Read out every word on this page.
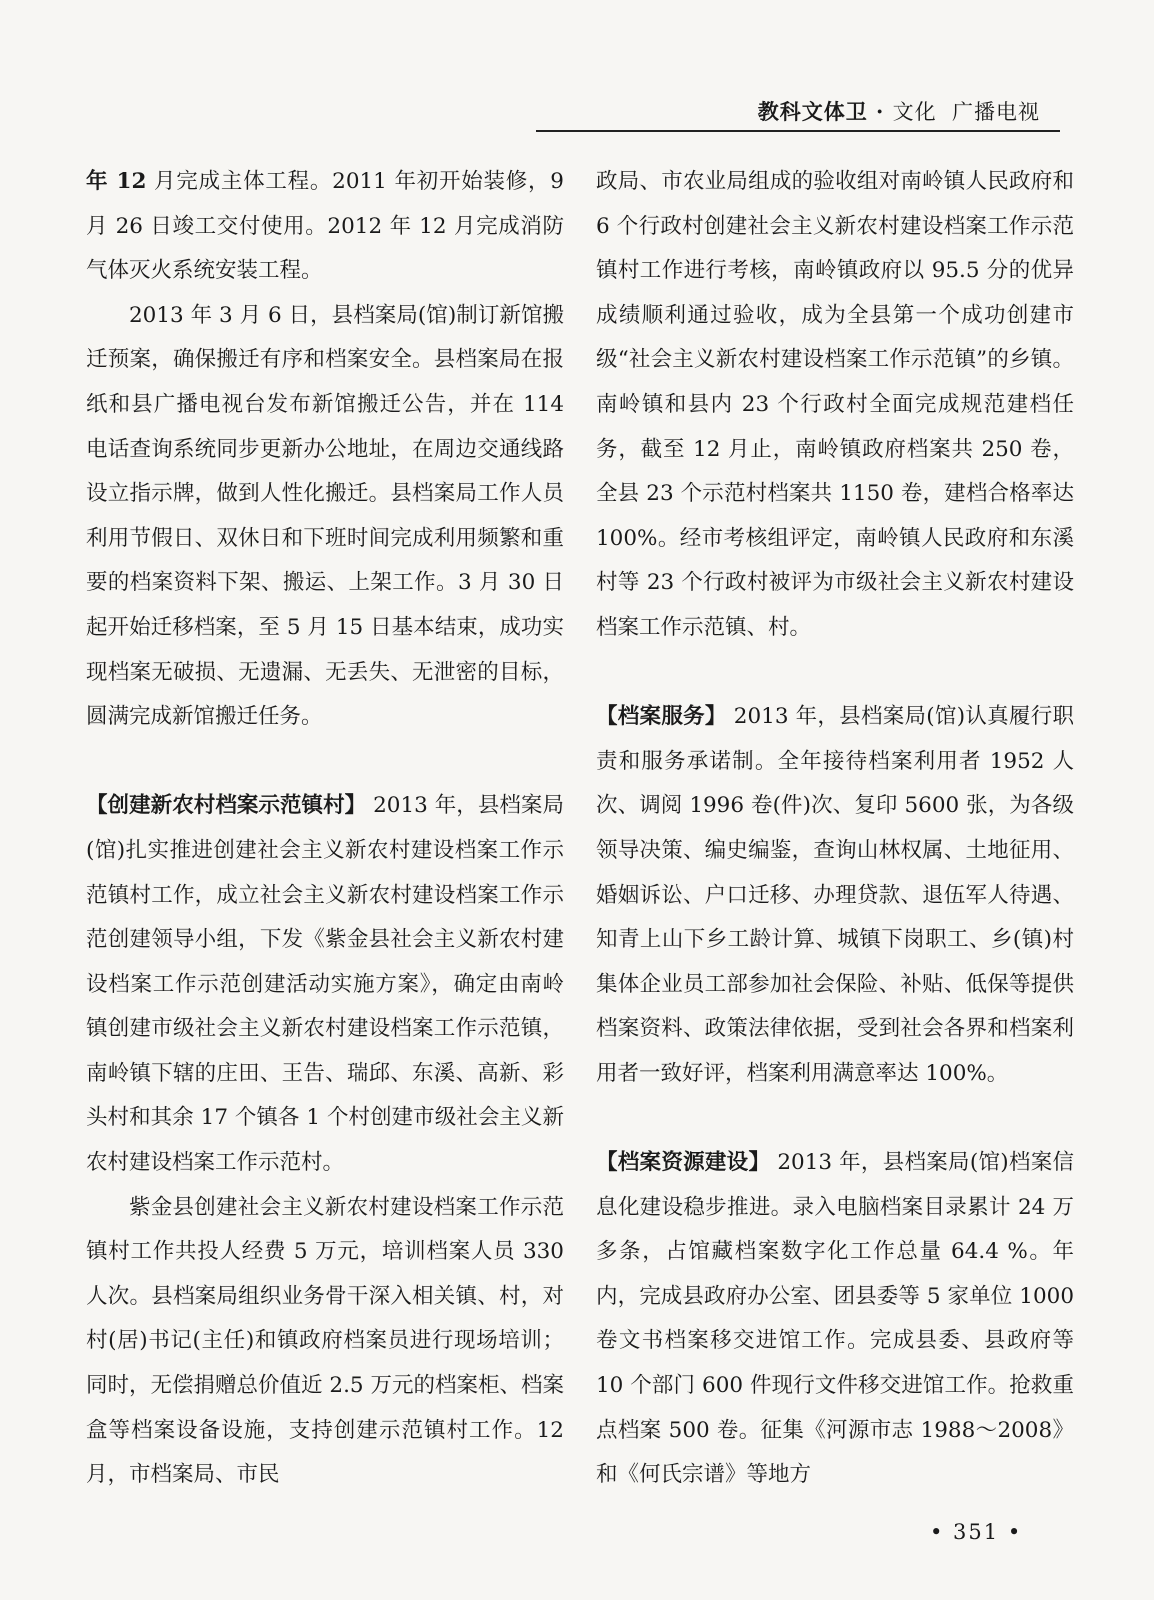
教科文体卫 · 文化 广播电视

年 12 月完成主体工程。2011 年初开始装修，9 月 26 日竣工交付使用。2012 年 12 月完成消防气体灭火系统安装工程。

2013 年 3 月 6 日，县档案局(馆)制订新馆搬迁预案，确保搬迁有序和档案安全。县档案局在报纸和县广播电视台发布新馆搬迁公告，并在 114 电话查询系统同步更新办公地址，在周边交通线路设立指示牌，做到人性化搬迁。县档案局工作人员利用节假日、双休日和下班时间完成利用频繁和重要的档案资料下架、搬运、上架工作。3 月 30 日起开始迁移档案，至 5 月 15 日基本结束，成功实现档案无破损、无遗漏、无丢失、无泄密的目标，圆满完成新馆搬迁任务。

【创建新农村档案示范镇村】 2013 年，县档案局(馆)扎实推进创建社会主义新农村建设档案工作示范镇村工作，成立社会主义新农村建设档案工作示范创建领导小组，下发《紫金县社会主义新农村建设档案工作示范创建活动实施方案》，确定由南岭镇创建市级社会主义新农村建设档案工作示范镇，南岭镇下辖的庄田、王告、瑞邱、东溪、高新、彩头村和其余 17 个镇各 1 个村创建市级社会主义新农村建设档案工作示范村。

紫金县创建社会主义新农村建设档案工作示范镇村工作共投人经费 5 万元，培训档案人员 330 人次。县档案局组织业务骨干深入相关镇、村，对村(居)书记(主任)和镇政府档案员进行现场培训；同时，无偿捐赠总价值近 2.5 万元的档案柜、档案盒等档案设备设施，支持创建示范镇村工作。12 月，市档案局、市民

政局、市农业局组成的验收组对南岭镇人民政府和 6 个行政村创建社会主义新农村建设档案工作示范镇村工作进行考核，南岭镇政府以 95.5 分的优异成绩顺利通过验收，成为全县第一个成功创建市级“社会主义新农村建设档案工作示范镇”的乡镇。南岭镇和县内 23 个行政村全面完成规范建档任务，截至 12 月止，南岭镇政府档案共 250 卷，全县 23 个示范村档案共 1150 卷，建档合格率达 100%。经市考核组评定，南岭镇人民政府和东溪村等 23 个行政村被评为市级社会主义新农村建设档案工作示范镇、村。

【档案服务】 2013 年，县档案局(馆)认真履行职责和服务承诺制。全年接待档案利用者 1952 人次、调阅 1996 卷(件)次、复印 5600 张，为各级领导决策、编史编鉴，查询山林权属、土地征用、婚姻诉讼、户口迁移、办理贷款、退伍军人待遇、知青上山下乡工龄计算、城镇下岗职工、乡(镇)村集体企业员工部参加社会保险、补贴、低保等提供档案资料、政策法律依据，受到社会各界和档案利用者一致好评，档案利用满意率达 100%。

【档案资源建设】 2013 年，县档案局(馆)档案信息化建设稳步推进。录入电脑档案目录累计 24 万多条，占馆藏档案数字化工作总量 64.4 %。年内，完成县政府办公室、团县委等 5 家单位 1000 卷文书档案移交进馆工作。完成县委、县政府等 10 个部门 600 件现行文件移交进馆工作。抢救重点档案 500 卷。征集《河源市志 1988～2008》和《何氏宗谱》等地方

• 351 •
